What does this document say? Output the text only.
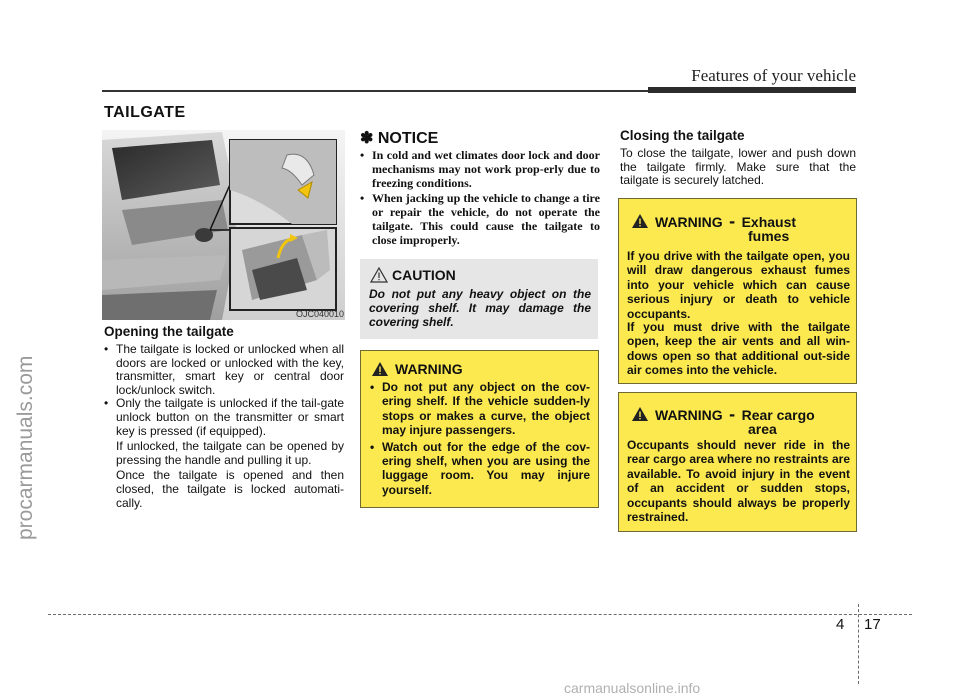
Features of your vehicle
procarmanuals.com
TAILGATE
OJC040010
Opening the tailgate
• The tailgate is locked or unlocked when all doors are locked or unlocked with the key, transmitter, smart key or central door lock/unlock switch.
• Only the tailgate is unlocked if the tail-gate unlock button on the transmitter or smart key is pressed (if equipped).
If unlocked, the tailgate can be opened by pressing the handle and pulling it up.
Once the tailgate is opened and then closed, the tailgate is locked automati-cally.
✽ NOTICE
• In cold and wet climates door lock and door mechanisms may not work prop-erly due to freezing conditions.
• When jacking up the vehicle to change a tire or repair the vehicle, do not operate the tailgate. This could cause the tailgate to close improperly.
CAUTION
Do not put any heavy object on the covering shelf. It may damage the covering shelf.
WARNING
• Do not put any object on the cov-ering shelf. If the vehicle sudden-ly stops or makes a curve, the object may injure passengers.
• Watch out for the edge of the cov-ering shelf, when you are using the luggage room. You may injure yourself.
Closing the tailgate
To close the tailgate, lower and push down the tailgate firmly. Make sure that the tailgate is securely latched.
WARNING - Exhaust
fumes
If you drive with the tailgate open, you will draw dangerous exhaust fumes into your vehicle which can cause serious injury or death to vehicle occupants.
If you must drive with the tailgate open, keep the air vents and all win-dows open so that additional out-side air comes into the vehicle.
WARNING - Rear cargo
area
Occupants should never ride in the rear cargo area where no restraints are available. To avoid injury in the event of an accident or sudden stops, occupants should always be properly restrained.
4 17
carmanualsonline.info
